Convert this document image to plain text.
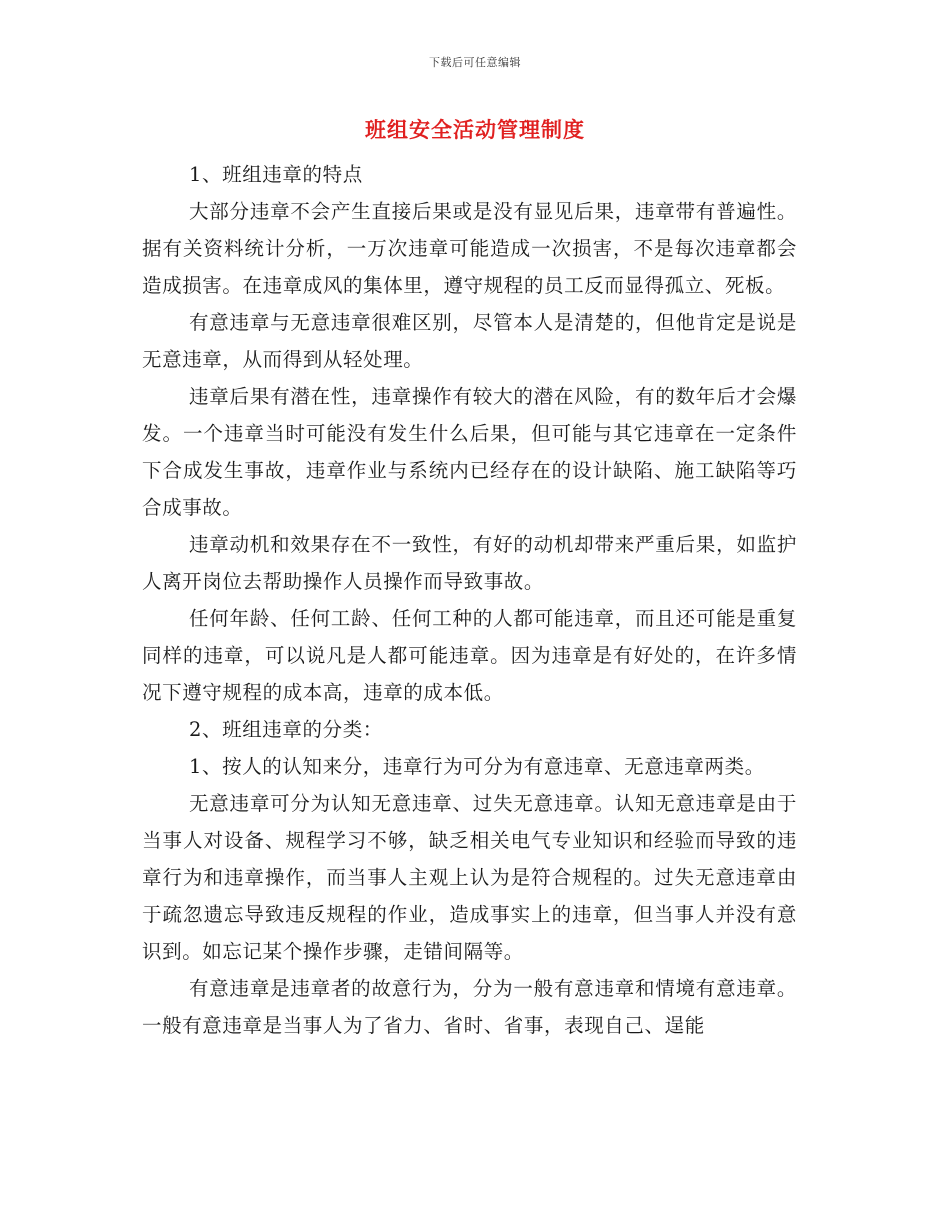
下载后可任意编辑
班组安全活动管理制度

1、班组违章的特点

大部分违章不会产生直接后果或是没有显见后果，违章带有普遍性。据有关资料统计分析，一万次违章可能造成一次损害，不是每次违章都会造成损害。在违章成风的集体里，遵守规程的员工反而显得孤立、死板。

有意违章与无意违章很难区别，尽管本人是清楚的，但他肯定是说是无意违章，从而得到从轻处理。

违章后果有潜在性，违章操作有较大的潜在风险，有的数年后才会爆发。一个违章当时可能没有发生什么后果，但可能与其它违章在一定条件下合成发生事故，违章作业与系统内已经存在的设计缺陷、施工缺陷等巧合成事故。

违章动机和效果存在不一致性，有好的动机却带来严重后果，如监护人离开岗位去帮助操作人员操作而导致事故。

任何年龄、任何工龄、任何工种的人都可能违章，而且还可能是重复同样的违章，可以说凡是人都可能违章。因为违章是有好处的，在许多情况下遵守规程的成本高，违章的成本低。

2、班组违章的分类：

1、按人的认知来分，违章行为可分为有意违章、无意违章两类。

无意违章可分为认知无意违章、过失无意违章。认知无意违章是由于当事人对设备、规程学习不够，缺乏相关电气专业知识和经验而导致的违章行为和违章操作，而当事人主观上认为是符合规程的。过失无意违章由于疏忽遗忘导致违反规程的作业，造成事实上的违章，但当事人并没有意识到。如忘记某个操作步骤，走错间隔等。

有意违章是违章者的故意行为，分为一般有意违章和情境有意违章。一般有意违章是当事人为了省力、省时、省事，表现自己、逞能
